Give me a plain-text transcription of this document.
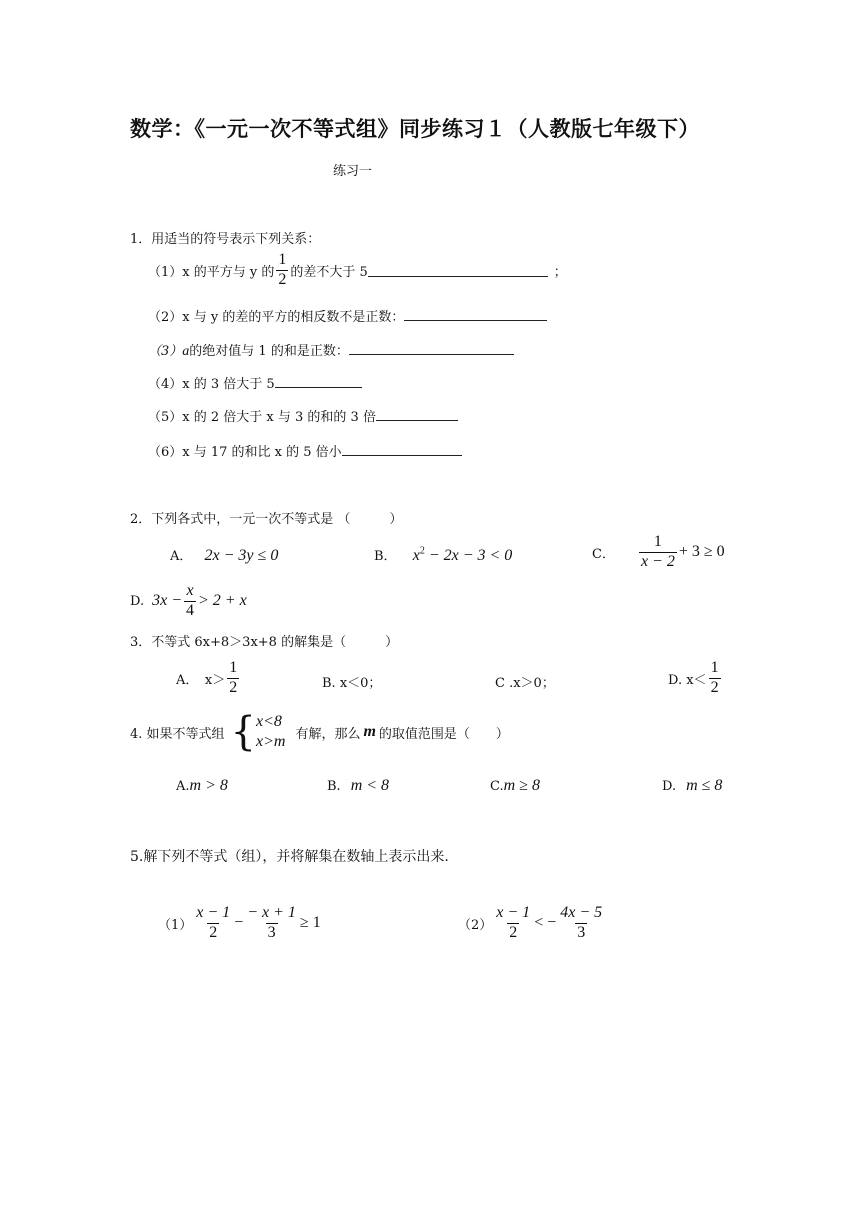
数学：《一元一次不等式组》同步练习１（人教版七年级下）
练习一
1．用适当的符号表示下列关系：
（1）x 的平方与 y 的 $\frac{1}{2}$ 的差不大于 5	；
（2）x 与 y 的差的平方的相反数不是正数：
（3）a的绝对值与 1 的和是正数：
（4）x 的 3 倍大于 5
（5）x 的 2 倍大于 x 与 3 的和的 3 倍
（6）x 与 17 的和比 x 的 5 倍小
2．下列各式中，一元一次不等式是 （　　　）
A． 2x − 3y ≤ 0	B． $x^2 - 2x - 3 < 0$	C． $\frac{1}{x - 2} + 3 \ge 0$
D. $3x - \frac{x}{4} > 2 + x$
3．不等式 6x+8＞3x+8 的解集是（　　　）
A．　$x> \frac{1}{2}$	B. x＜0；	C .x＞0；	D. $x< \frac{1}{2}$
4. 如果不等式组 { x<8
x>m 有解，那么 m 的取值范围是（　　）
A.m > 8	B. m < 8	C.m ≥ 8	D. m ≤ 8
5.解下列不等式（组），并将解集在数轴上表示出来.
$(1) \frac{x - 1}{2} - \frac{- x + 1}{3} \ge 1$	$(2) \frac{x - 1}{2}$ < − $\frac{4x - 5}{3}$
